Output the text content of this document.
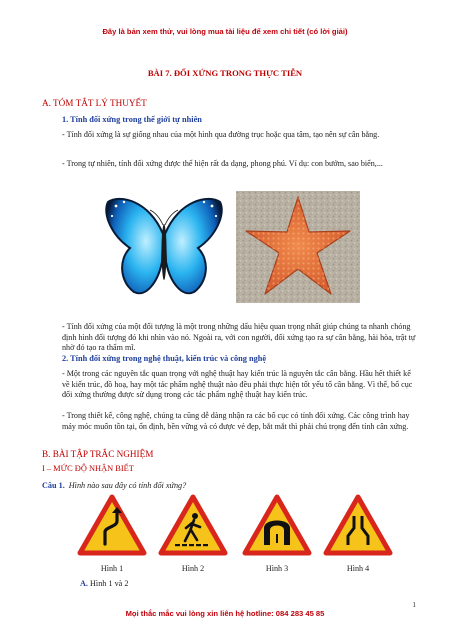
Đây là bản xem thử, vui lòng mua tài liệu để xem chi tiết (có lời giải)
BÀI 7. ĐỐI XỨNG TRONG THỰC TIỄN
A. TÓM TẮT LÝ THUYẾT
1. Tính đối xứng trong thế giới tự nhiên
- Tính đối xứng là sự giống nhau của một hình qua đường trục hoặc qua tâm, tạo nên sự cân bằng.
- Trong tự nhiên, tính đối xứng được thể hiện rất đa dạng, phong phú. Ví dụ: con bướm, sao biển,...
- Tính đối xứng của một đối tượng là một trong những dấu hiệu quan trọng nhất giúp chúng ta nhanh chóng định hình đối tượng đó khi nhìn vào nó. Ngoài ra, với con người, đối xứng tạo ra sự cân bằng, hài hòa, trật tự nhờ đó tạo ra thẩm mĩ.
2. Tính đối xứng trong nghệ thuật, kiến trúc và công nghệ
- Một trong các nguyên tắc quan trọng với nghệ thuật hay kiến trúc là nguyên tắc cân bằng. Hầu hết thiết kế về kiến trúc, đồ hoạ, hay một tác phẩm nghệ thuật nào đều phải thực hiện tốt yếu tố cân bằng. Vì thế, bố cục đối xứng thường được sử dụng trong các tác phẩm nghệ thuật hay kiến trúc.
- Trong thiết kế, công nghệ, chúng ta cũng dễ dàng nhận ra các bố cục có tính đối xứng. Các công trình hay máy móc muốn tồn tại, ổn định, bền vững và có được vẻ đẹp, bắt mắt thì phải chú trọng đến tính cân xứng.
B. BÀI TẬP TRẮC NGHIỆM
I – MỨC ĐỘ NHẬN BIẾT
Câu 1. Hình nào sau đây có tính đối xứng?
Hình 1	Hình 2	Hình 3	Hình 4
A. Hình 1 và 2
1
Mọi thắc mắc vui lòng xin liên hệ hotline: 084 283 45 85
